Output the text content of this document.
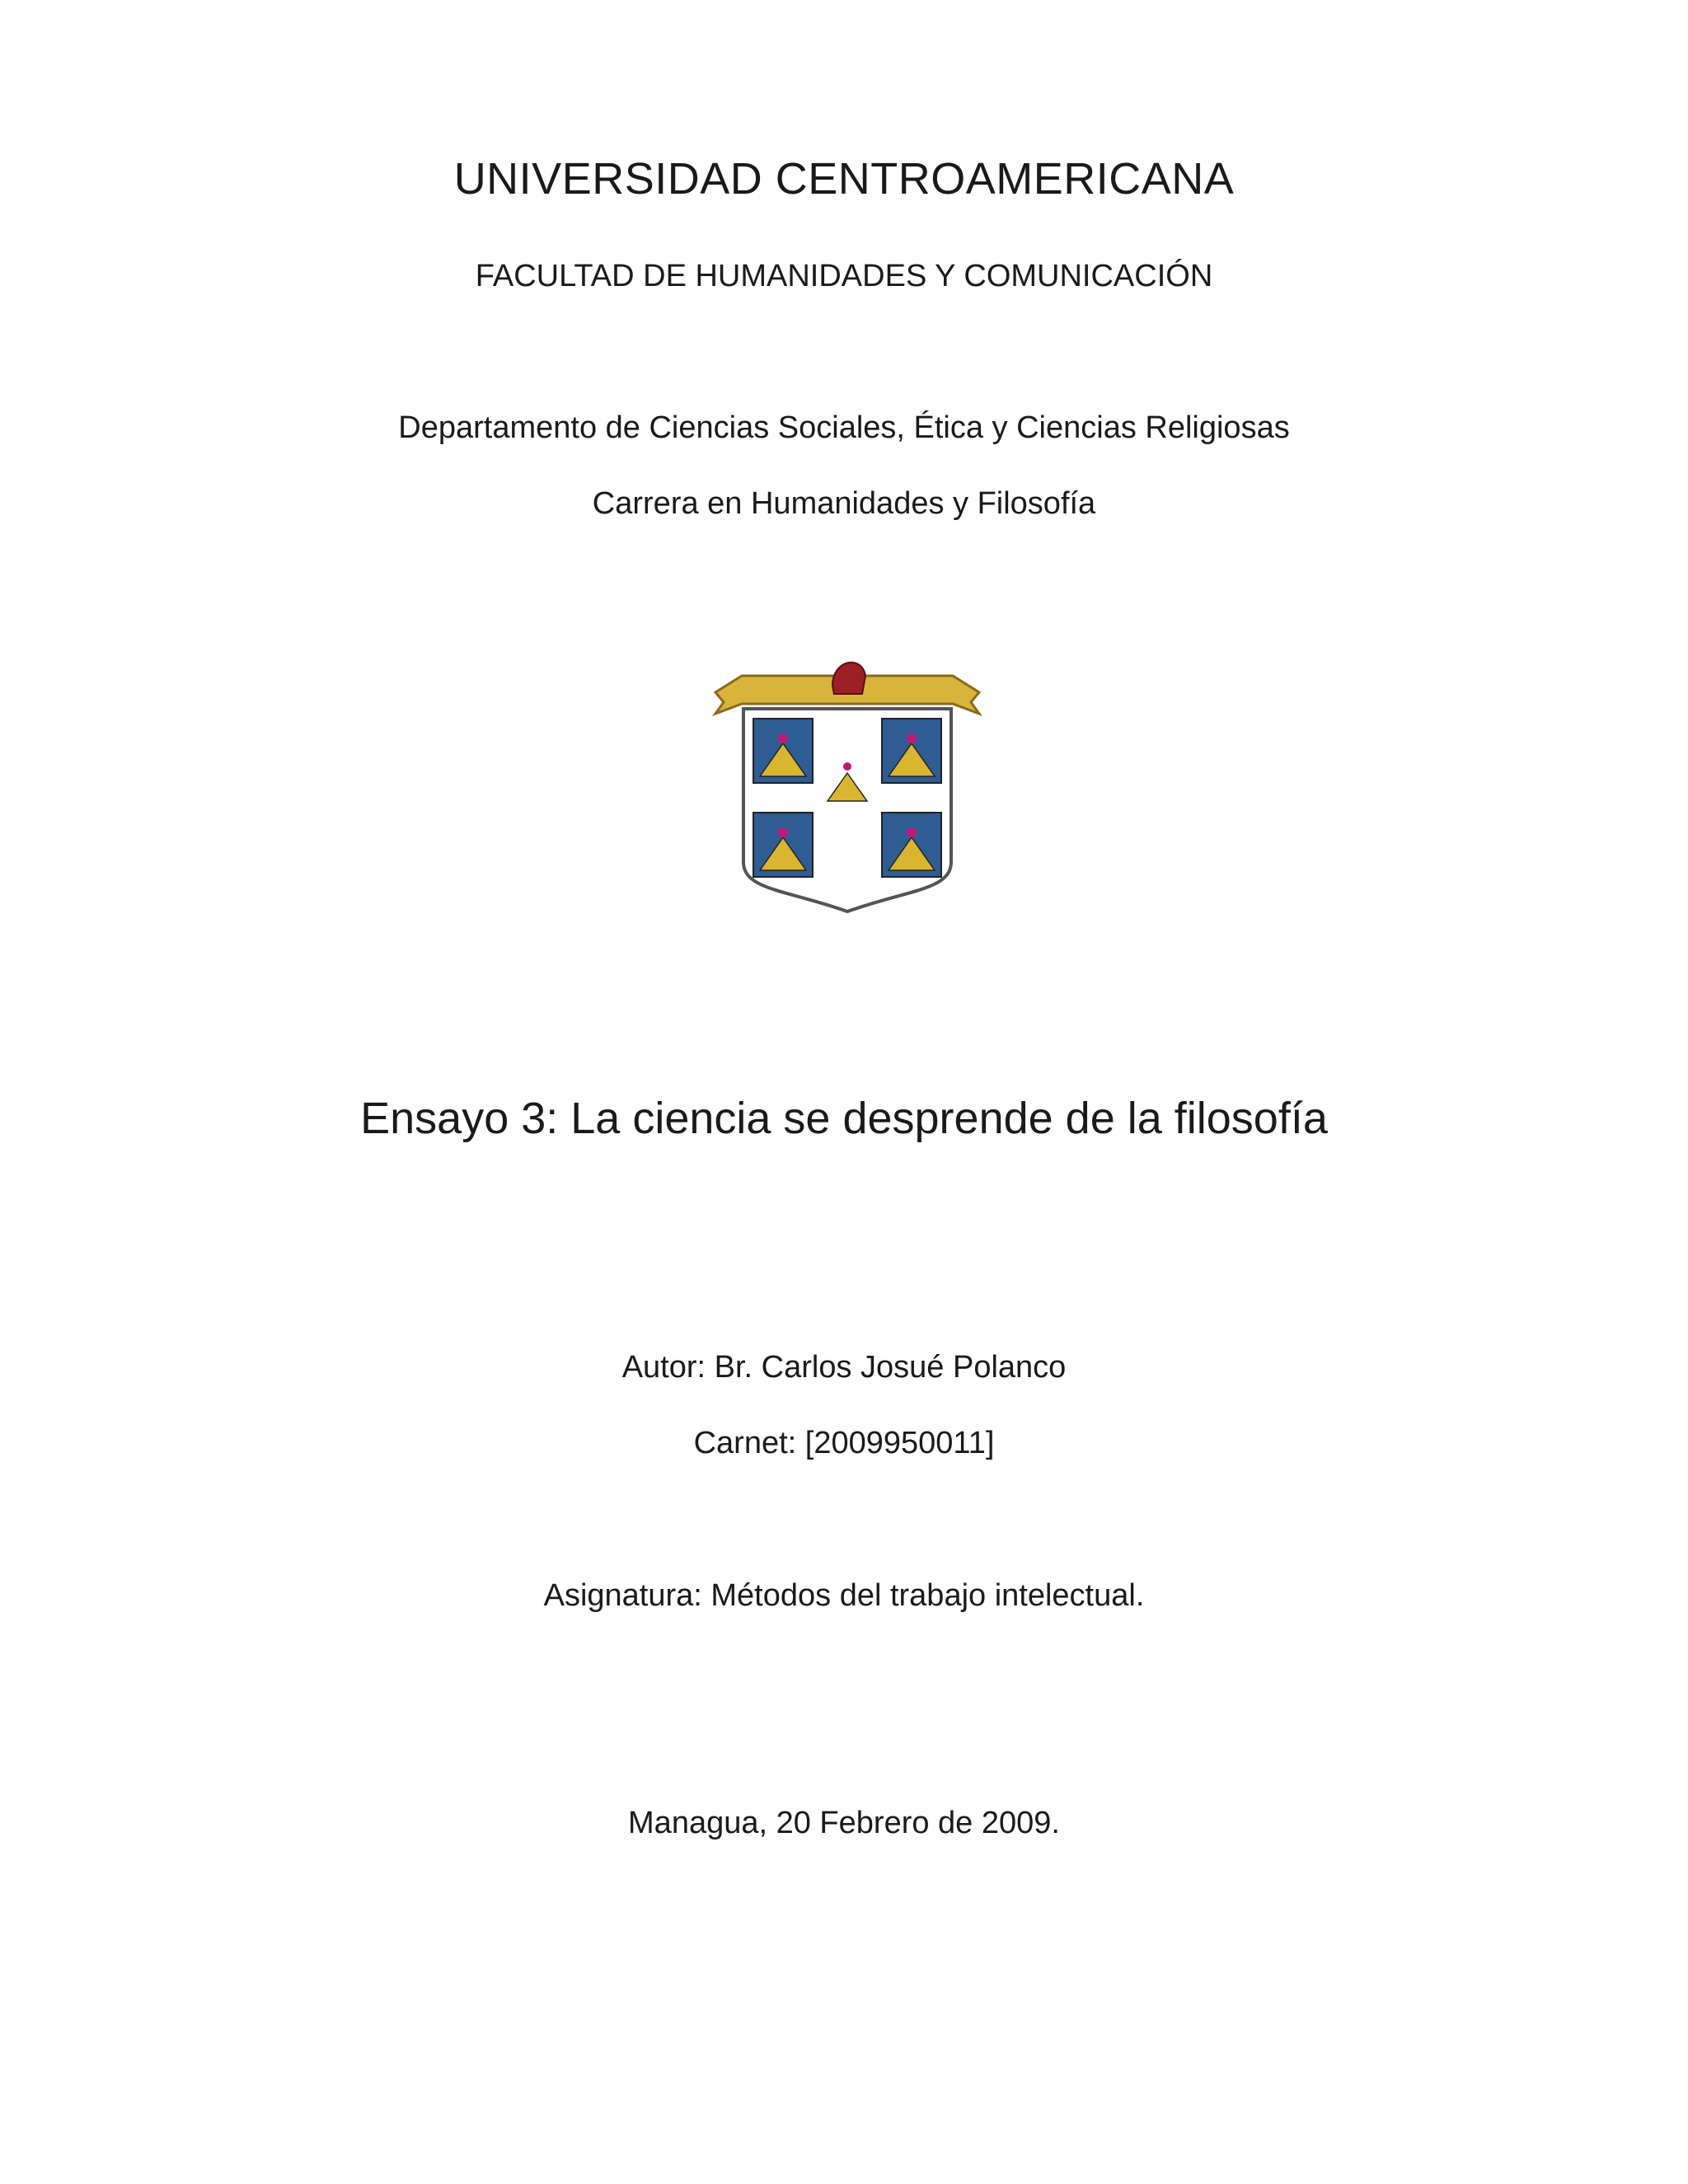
UNIVERSIDAD CENTROAMERICANA
FACULTAD DE HUMANIDADES Y COMUNICACIÓN
Departamento de Ciencias Sociales, Ética y Ciencias Religiosas
Carrera en Humanidades y Filosofía
Ensayo 3: La ciencia se desprende de la filosofía
Autor: Br. Carlos Josué Polanco
Carnet: [2009950011]
Asignatura: Métodos del trabajo intelectual.
Managua, 20 Febrero de 2009.
